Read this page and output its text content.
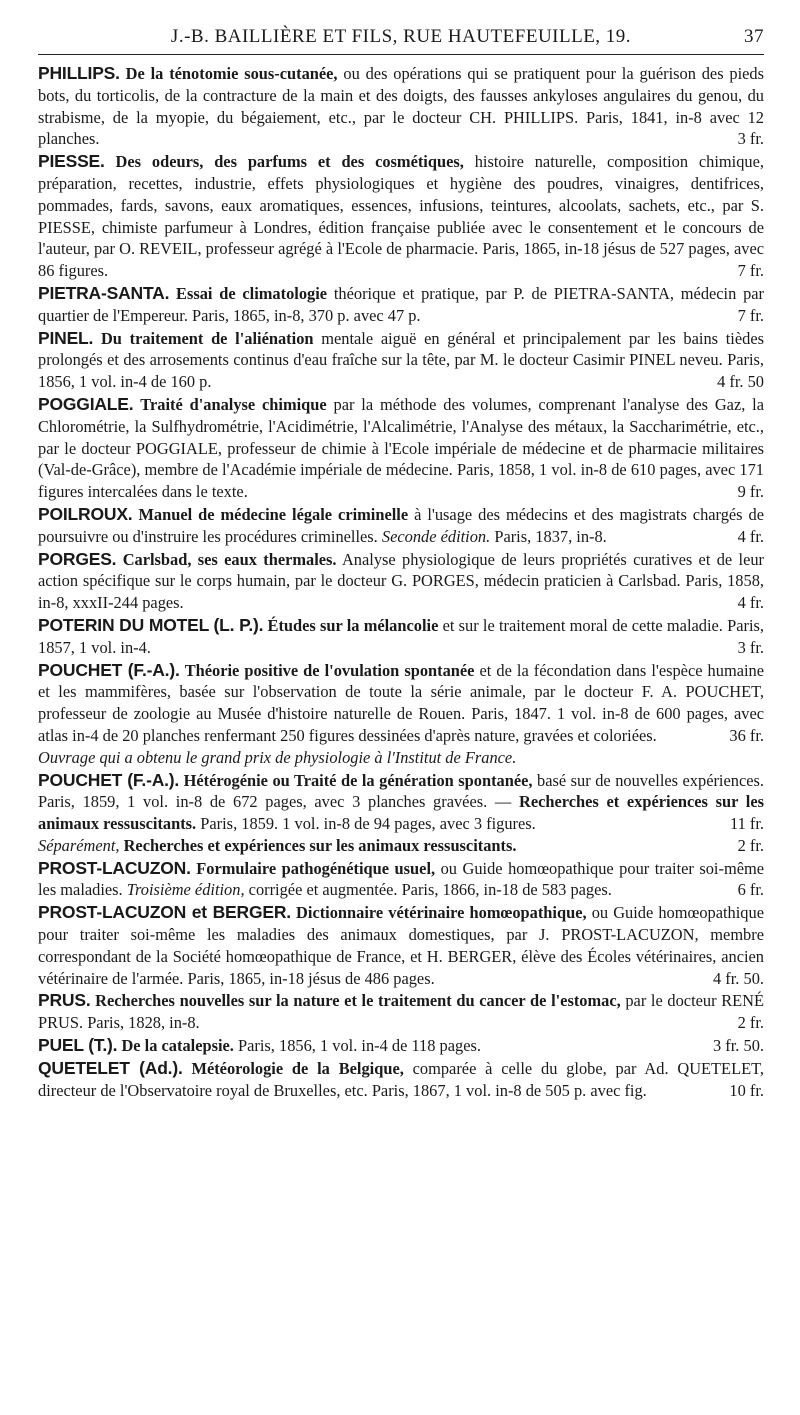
J.-B. BAILLIÈRE ET FILS, RUE HAUTEFEUILLE, 19.	37

PHILLIPS. De la ténotomie sous-cutanée, ou des opérations qui se pratiquent pour la guérison des pieds bots, du torticolis, de la contracture de la main et des doigts, des fausses ankyloses angulaires du genou, du strabisme, de la myopie, du bégaiement, etc., par le docteur CH. PHILLIPS. Paris, 1841, in-8 avec 12 planches.	3 fr.

PIESSE. Des odeurs, des parfums et des cosmétiques, histoire naturelle, composition chimique, préparation, recettes, industrie, effets physiologiques et hygiène des poudres, vinaigres, dentifrices, pommades, fards, savons, eaux aromatiques, essences, infusions, teintures, alcoolats, sachets, etc., par S. PIESSE, chimiste parfumeur à Londres, édition française publiée avec le consentement et le concours de l'auteur, par O. REVEIL, professeur agrégé à l'Ecole de pharmacie. Paris, 1865, in-18 jésus de 527 pages, avec 86 figures.	7 fr.

PIETRA-SANTA. Essai de climatologie théorique et pratique, par P. de PIETRA-SANTA, médecin par quartier de l'Empereur. Paris, 1865, in-8, 370 p. avec 47 p.	7 fr.

PINEL. Du traitement de l'aliénation mentale aiguë en général et principalement par les bains tièdes prolongés et des arrosements continus d'eau fraîche sur la tête, par M. le docteur Casimir PINEL neveu. Paris, 1856, 1 vol. in-4 de 160 p.	4 fr. 50

POGGIALE. Traité d'analyse chimique par la méthode des volumes, comprenant l'analyse des Gaz, la Chlorométrie, la Sulfhydrométrie, l'Acidimétrie, l'Alcalimétrie, l'Analyse des métaux, la Saccharimétrie, etc., par le docteur POGGIALE, professeur de chimie à l'Ecole impériale de médecine et de pharmacie militaires (Val-de-Grâce), membre de l'Académie impériale de médecine. Paris, 1858, 1 vol. in-8 de 610 pages, avec 171 figures intercalées dans le texte.	9 fr.

POILROUX. Manuel de médecine légale criminelle à l'usage des médecins et des magistrats chargés de poursuivre ou d'instruire les procédures criminelles. Seconde édition. Paris, 1837, in-8.	4 fr.

PORGES. Carlsbad, ses eaux thermales. Analyse physiologique de leurs propriétés curatives et de leur action spécifique sur le corps humain, par le docteur G. PORGES, médecin praticien à Carlsbad. Paris, 1858, in-8, xxxII-244 pages.	4 fr.

POTERIN DU MOTEL (L. P.). Études sur la mélancolie et sur le traitement moral de cette maladie. Paris, 1857, 1 vol. in-4.	3 fr.

POUCHET (F.-A.). Théorie positive de l'ovulation spontanée et de la fécondation dans l'espèce humaine et les mammifères, basée sur l'observation de toute la série animale, par le docteur F. A. POUCHET, professeur de zoologie au Musée d'histoire naturelle de Rouen. Paris, 1847. 1 vol. in-8 de 600 pages, avec atlas in-4 de 20 planches renfermant 250 figures dessinées d'après nature, gravées et coloriées.	36 fr.

Ouvrage qui a obtenu le grand prix de physiologie à l'Institut de France.

POUCHET (F.-A.). Hétérogénie ou Traité de la génération spontanée, basé sur de nouvelles expériences. Paris, 1859, 1 vol. in-8 de 672 pages, avec 3 planches gravées. — Recherches et expériences sur les animaux ressuscitants. Paris, 1859. 1 vol. in-8 de 94 pages, avec 3 figures.	11 fr.

Séparément, Recherches et expériences sur les animaux ressuscitants.	2 fr.

PROST-LACUZON. Formulaire pathogénétique usuel, ou Guide homœopathique pour traiter soi-même les maladies. Troisième édition, corrigée et augmentée. Paris, 1866, in-18 de 583 pages.	6 fr.

PROST-LACUZON et BERGER. Dictionnaire vétérinaire homœopathique, ou Guide homœopathique pour traiter soi-même les maladies des animaux domestiques, par J. PROST-LACUZON, membre correspondant de la Société homœopathique de France, et H. BERGER, élève des Écoles vétérinaires, ancien vétérinaire de l'armée. Paris, 1865, in-18 jésus de 486 pages.	4 fr. 50.

PRUS. Recherches nouvelles sur la nature et le traitement du cancer de l'estomac, par le docteur RENÉ PRUS. Paris, 1828, in-8.	2 fr.

PUEL (T.). De la catalepsie. Paris, 1856, 1 vol. in-4 de 118 pages.	3 fr. 50.

QUETELET (Ad.). Météorologie de la Belgique, comparée à celle du globe, par Ad. QUETELET, directeur de l'Observatoire royal de Bruxelles, etc. Paris, 1867, 1 vol. in-8 de 505 p. avec fig.	10 fr.
